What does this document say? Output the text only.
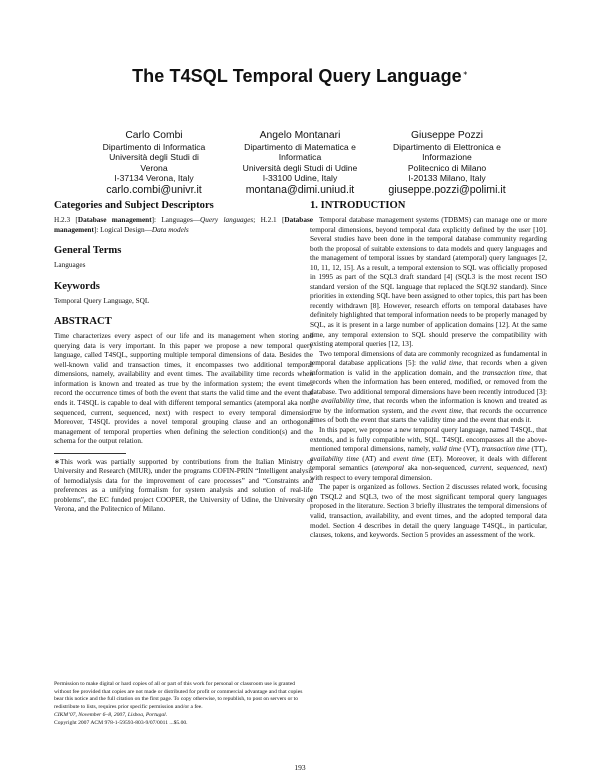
The T4SQL Temporal Query Language∗
Carlo Combi
Dipartimento di Informatica
Università degli Studi di
Verona
I-37134 Verona, Italy
carlo.combi@univr.it
Angelo Montanari
Dipartimento di Matematica e
Informatica
Università degli Studi di Udine
I-33100 Udine, Italy
montana@dimi.uniud.it
Giuseppe Pozzi
Dipartimento di Elettronica e
Informazione
Politecnico di Milano
I-20133 Milano, Italy
giuseppe.pozzi@polimi.it
Categories and Subject Descriptors

H.2.3 [Database management]: Languages—Query languages; H.2.1 [Database management]: Logical Design—Data models

General Terms

Languages

Keywords

Temporal Query Language, SQL

ABSTRACT

Time characterizes every aspect of our life and its management when storing and querying data is very important. In this paper we propose a new temporal query language, called T4SQL, supporting multiple temporal dimensions of data. Besides the well-known valid and transaction times, it encompasses two additional temporal dimensions, namely, availability and event times. The availability time records when information is known and treated as true by the information system; the event times record the occurrence times of both the event that starts the valid time and the event that ends it. T4SQL is capable to deal with different temporal semantics (atemporal aka non-sequenced, current, sequenced, next) with respect to every temporal dimension. Moreover, T4SQL provides a novel temporal grouping clause and an orthogonal management of temporal properties when defining the selection condition(s) and the schema for the output relation.

∗This work was partially supported by contributions from the Italian Ministry of University and Research (MIUR), under the programs COFIN-PRIN “Intelligent analysis of hemodialysis data for the improvement of care processes” and “Constraints and preferences as a unifying formalism for system analysis and solution of real-life problems”, the EC funded project COOPER, the University of Udine, the University of Verona, and the Politecnico of Milano.
Permission to make digital or hard copies of all or part of this work for personal or classroom use is granted without fee provided that copies are not made or distributed for profit or commercial advantage and that copies bear this notice and the full citation on the first page. To copy otherwise, to republish, to post on servers or to redistribute to lists, requires prior specific permission and/or a fee.
CIKM’07, November 6–8, 2007, Lisboa, Portugal.
Copyright 2007 ACM 978-1-59593-803-9/07/0011 ...$5.00.
1. INTRODUCTION

Temporal database management systems (TDBMS) can manage one or more temporal dimensions, beyond temporal data explicitly defined by the user [10]. Several studies have been done in the temporal database community regarding both the proposal of suitable extensions to data models and query languages and the management of temporal issues by standard (atemporal) query languages [2, 10, 11, 12, 15]. As a result, a temporal extension to SQL was officially proposed in 1995 as part of the SQL3 draft standard [4] (SQL3 is the most recent ISO standard version of the SQL language that replaced the SQL92 standard). Since priorities in extending SQL have been assigned to other topics, this part has been recently withdrawn [8]. However, research efforts on temporal databases have definitely highlighted that temporal information needs to be properly managed by SQL, as it is present in a large number of application domains [12]. At the same time, any temporal extension to SQL should preserve the compatibility with existing atemporal queries [12, 13].

Two temporal dimensions of data are commonly recognized as fundamental in temporal database applications [5]: the valid time, that records when a given information is valid in the application domain, and the transaction time, that records when the information has been entered, modified, or removed from the database. Two additional temporal dimensions have been recently introduced [3]: the availability time, that records when the information is known and treated as true by the information system, and the event time, that records the occurrence times of both the event that starts the validity time and the event that ends it.

In this paper, we propose a new temporal query language, named T4SQL, that extends, and is fully compatible with, SQL. T4SQL encompasses all the above-mentioned temporal dimensions, namely, valid time (VT), transaction time (TT), availability time (AT) and event time (ET). Moreover, it deals with different temporal semantics (atemporal aka non-sequenced, current, sequenced, next) with respect to every temporal dimension.

The paper is organized as follows. Section 2 discusses related work, focusing on TSQL2 and SQL3, two of the most significant temporal query languages proposed in the literature. Section 3 briefly illustrates the temporal dimensions of valid, transaction, availability, and event times, and the adopted temporal data model. Section 4 describes in detail the query language T4SQL, in particular, clauses, tokens, and keywords. Section 5 provides an assessment of the work.

193
